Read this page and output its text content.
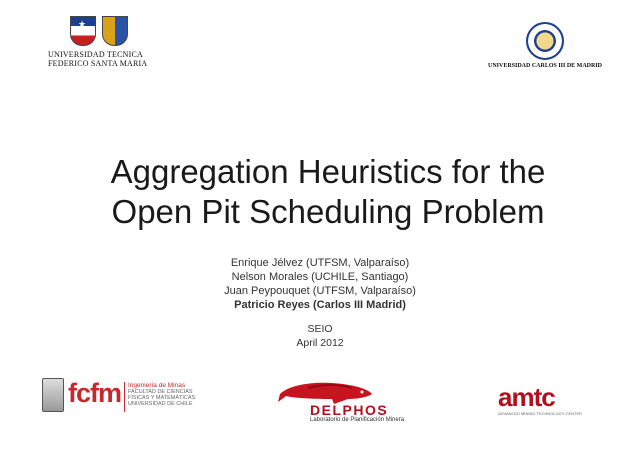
★
UNIVERSIDAD TECNICA
FEDERICO SANTA MARIA	UNIVERSIDAD CARLOS III DE MADRID
Aggregation Heuristics for the
Open Pit Scheduling Problem
Enrique Jélvez (UTFSM, Valparaíso)
Nelson Morales (UCHILE, Santiago)
Juan Peypouquet (UTFSM, Valparaíso)
Patricio Reyes (Carlos III Madrid)
SEIO
April 2012
fcfm Ingeniería de Minas
FACULTAD DE CIENCIAS
FÍSICAS Y MATEMÁTICAS
UNIVERSIDAD DE CHILE	DELPHOS
Laboratorio de Planificación Minera
amtc
ADVANCED MINING TECHNOLOGY CENTER
